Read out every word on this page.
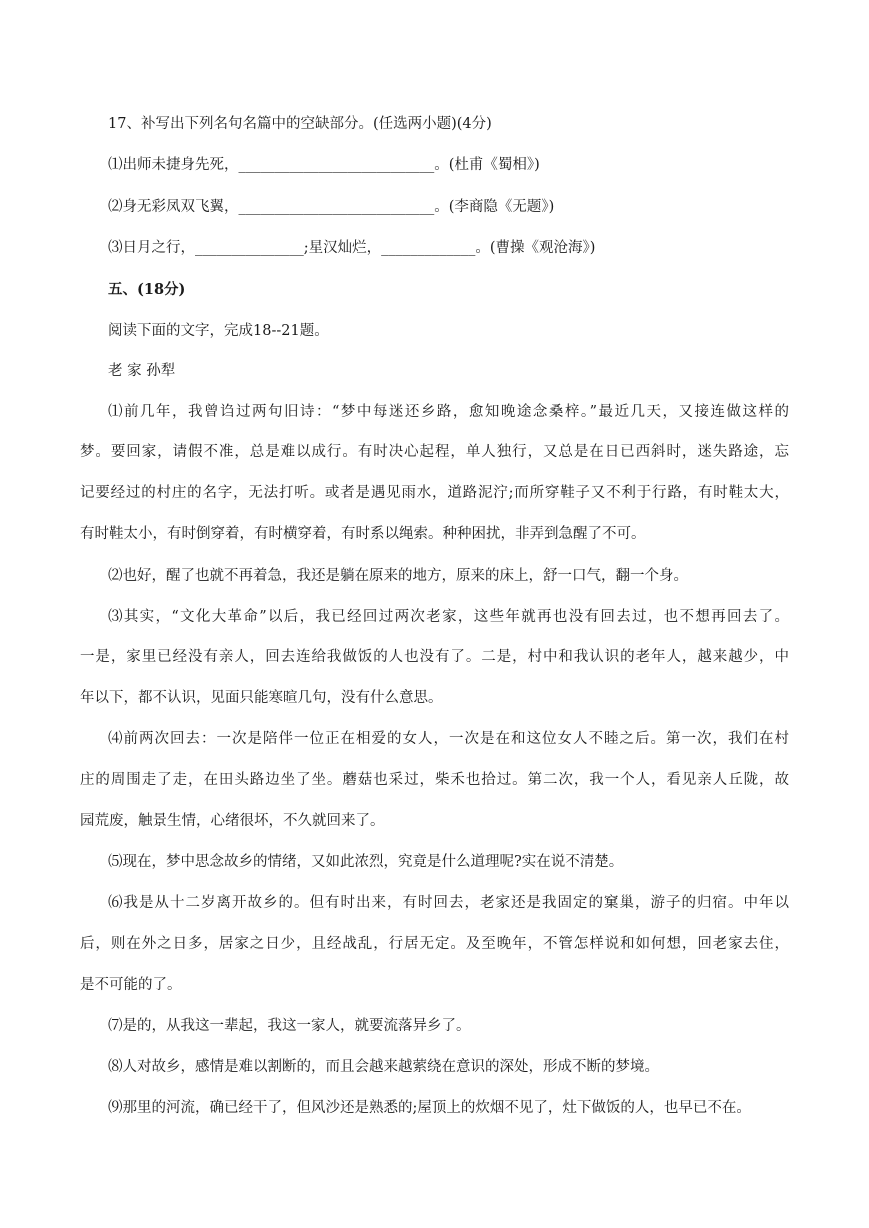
17、补写出下列名句名篇中的空缺部分。(任选两小题)(4分)
⑴出师未捷身先死，___________________________。(杜甫《蜀相》)
⑵身无彩凤双飞翼，___________________________。(李商隐《无题》)
⑶日月之行，_______________;星汉灿烂，_____________。(曹操《观沧海》)
五、(18分)
阅读下面的文字，完成18--21题。
老 家 孙犁
⑴前几年，我曾诌过两句旧诗：“梦中每迷还乡路，愈知晚途念桑梓。”最近几天，又接连做这样的
梦。要回家，请假不准，总是难以成行。有时决心起程，单人独行，又总是在日已西斜时，迷失路途，忘
记要经过的村庄的名字，无法打听。或者是遇见雨水，道路泥泞;而所穿鞋子又不利于行路，有时鞋太大，
有时鞋太小，有时倒穿着，有时横穿着，有时系以绳索。种种困扰，非弄到急醒了不可。
⑵也好，醒了也就不再着急，我还是躺在原来的地方，原来的床上，舒一口气，翻一个身。
⑶其实，“文化大革命”以后，我已经回过两次老家，这些年就再也没有回去过，也不想再回去了。
一是，家里已经没有亲人，回去连给我做饭的人也没有了。二是，村中和我认识的老年人，越来越少，中
年以下，都不认识，见面只能寒暄几句，没有什么意思。
⑷前两次回去：一次是陪伴一位正在相爱的女人，一次是在和这位女人不睦之后。第一次，我们在村
庄的周围走了走，在田头路边坐了坐。蘑菇也采过，柴禾也拾过。第二次，我一个人，看见亲人丘陇，故
园荒废，触景生情，心绪很坏，不久就回来了。
⑸现在，梦中思念故乡的情绪，又如此浓烈，究竟是什么道理呢?实在说不清楚。
⑹我是从十二岁离开故乡的。但有时出来，有时回去，老家还是我固定的窠巢，游子的归宿。中年以
后，则在外之日多，居家之日少，且经战乱，行居无定。及至晚年，不管怎样说和如何想，回老家去住，
是不可能的了。
⑺是的，从我这一辈起，我这一家人，就要流落异乡了。
⑻人对故乡，感情是难以割断的，而且会越来越萦绕在意识的深处，形成不断的梦境。
⑼那里的河流，确已经干了，但风沙还是熟悉的;屋顶上的炊烟不见了，灶下做饭的人，也早已不在。
